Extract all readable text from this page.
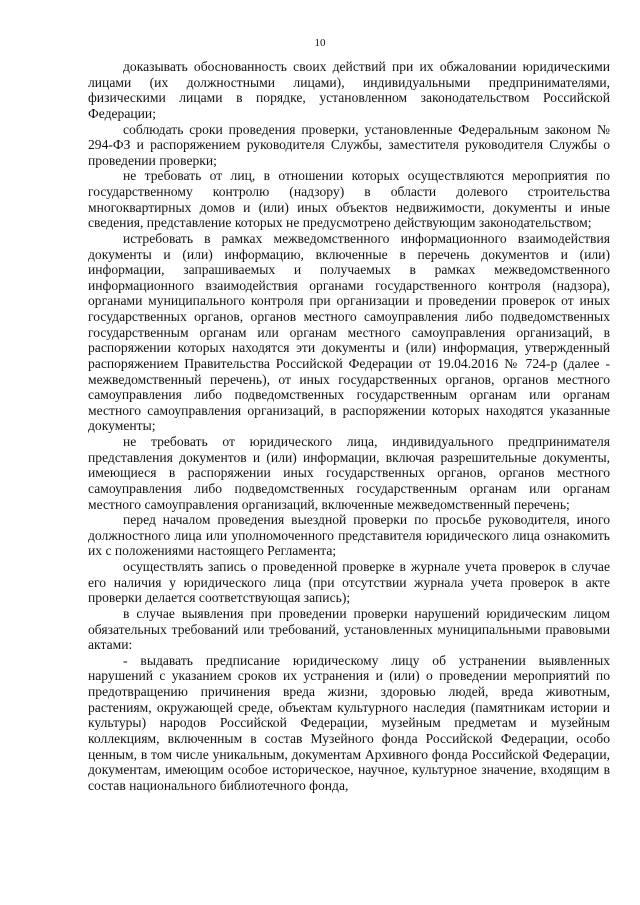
10

доказывать обоснованность своих действий при их обжаловании юридическими лицами (их должностными лицами), индивидуальными предпринимателями, физическими лицами в порядке, установленном законодательством Российской Федерации;

соблюдать сроки проведения проверки, установленные Федеральным законом № 294-ФЗ и распоряжением руководителя Службы, заместителя руководителя Службы о проведении проверки;

не требовать от лиц, в отношении которых осуществляются мероприятия по государственному контролю (надзору) в области долевого строительства многоквартирных домов и (или) иных объектов недвижимости, документы и иные сведения, представление которых не предусмотрено действующим законодательством;

истребовать в рамках межведомственного информационного взаимодействия документы и (или) информацию, включенные в перечень документов и (или) информации, запрашиваемых и получаемых в рамках межведомственного информационного взаимодействия органами государственного контроля (надзора), органами муниципального контроля при организации и проведении проверок от иных государственных органов, органов местного самоуправления либо подведомственных государственным органам или органам местного самоуправления организаций, в распоряжении которых находятся эти документы и (или) информация, утвержденный распоряжением Правительства Российской Федерации от 19.04.2016 № 724-р (далее - межведомственный перечень), от иных государственных органов, органов местного самоуправления либо подведомственных государственным органам или органам местного самоуправления организаций, в распоряжении которых находятся указанные документы;

не требовать от юридического лица, индивидуального предпринимателя представления документов и (или) информации, включая разрешительные документы, имеющиеся в распоряжении иных государственных органов, органов местного самоуправления либо подведомственных государственным органам или органам местного самоуправления организаций, включенные межведомственный перечень;

перед началом проведения выездной проверки по просьбе руководителя, иного должностного лица или уполномоченного представителя юридического лица ознакомить их с положениями настоящего Регламента;

осуществлять запись о проведенной проверке в журнале учета проверок в случае его наличия у юридического лица (при отсутствии журнала учета проверок в акте проверки делается соответствующая запись);

в случае выявления при проведении проверки нарушений юридическим лицом обязательных требований или требований, установленных муниципальными правовыми актами:

- выдавать предписание юридическому лицу об устранении выявленных нарушений с указанием сроков их устранения и (или) о проведении мероприятий по предотвращению причинения вреда жизни, здоровью людей, вреда животным, растениям, окружающей среде, объектам культурного наследия (памятникам истории и культуры) народов Российской Федерации, музейным предметам и музейным коллекциям, включенным в состав Музейного фонда Российской Федерации, особо ценным, в том числе уникальным, документам Архивного фонда Российской Федерации, документам, имеющим особое историческое, научное, культурное значение, входящим в состав национального библиотечного фонда,
